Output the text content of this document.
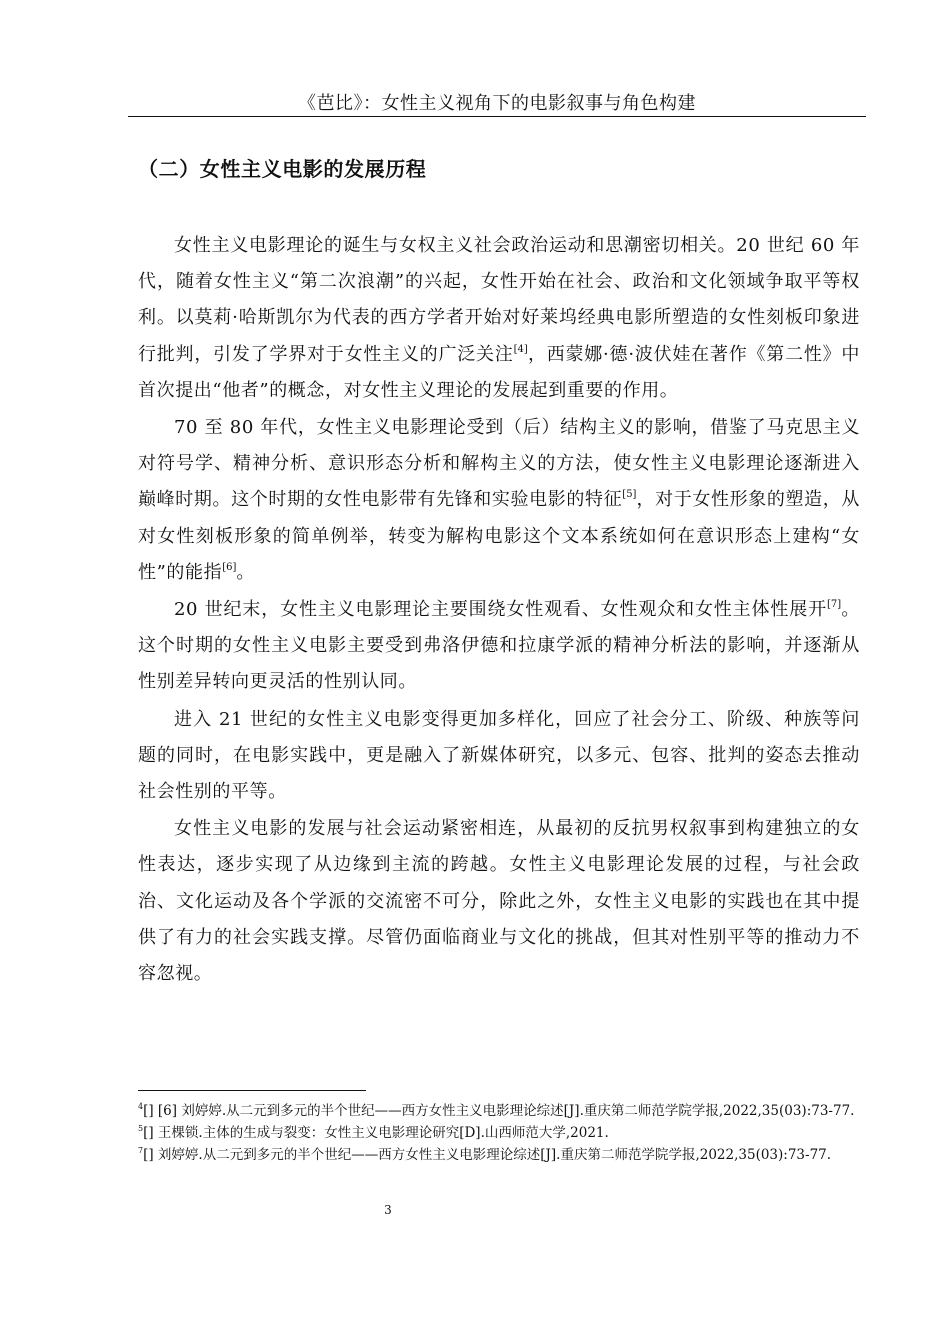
《芭比》：女性主义视角下的电影叙事与角色构建
（二）女性主义电影的发展历程

女性主义电影理论的诞生与女权主义社会政治运动和思潮密切相关。20 世纪 60 年代，随着女性主义“第二次浪潮”的兴起，女性开始在社会、政治和文化领域争取平等权利。以莫莉·哈斯凯尔为代表的西方学者开始对好莱坞经典电影所塑造的女性刻板印象进行批判，引发了学界对于女性主义的广泛关注[4]，西蒙娜·德·波伏娃在著作《第二性》中首次提出“他者”的概念，对女性主义理论的发展起到重要的作用。

70 至 80 年代，女性主义电影理论受到（后）结构主义的影响，借鉴了马克思主义对符号学、精神分析、意识形态分析和解构主义的方法，使女性主义电影理论逐渐进入巅峰时期。这个时期的女性电影带有先锋和实验电影的特征[5]，对于女性形象的塑造，从对女性刻板形象的简单例举，转变为解构电影这个文本系统如何在意识形态上建构“女性”的能指[6]。

20 世纪末，女性主义电影理论主要围绕女性观看、女性观众和女性主体性展开[7]。这个时期的女性主义电影主要受到弗洛伊德和拉康学派的精神分析法的影响，并逐渐从性别差异转向更灵活的性别认同。

进入 21 世纪的女性主义电影变得更加多样化，回应了社会分工、阶级、种族等问题的同时，在电影实践中，更是融入了新媒体研究，以多元、包容、批判的姿态去推动社会性别的平等。

女性主义电影的发展与社会运动紧密相连，从最初的反抗男权叙事到构建独立的女性表达，逐步实现了从边缘到主流的跨越。女性主义电影理论发展的过程，与社会政治、文化运动及各个学派的交流密不可分，除此之外，女性主义电影的实践也在其中提供了有力的社会实践支撑。尽管仍面临商业与文化的挑战，但其对性别平等的推动力不容忽视。

$^4$[] [6] 刘婷婷.从二元到多元的半个世纪——西方女性主义电影理论综述[J].重庆第二师范学院学报,2022,35(03):73-77.

$^5$[] 王棵锁.主体的生成与裂变：女性主义电影理论研究[D].山西师范大学,2021.

$^7$[] 刘婷婷.从二元到多元的半个世纪——西方女性主义电影理论综述[J].重庆第二师范学院学报,2022,35(03):73-77.

3
